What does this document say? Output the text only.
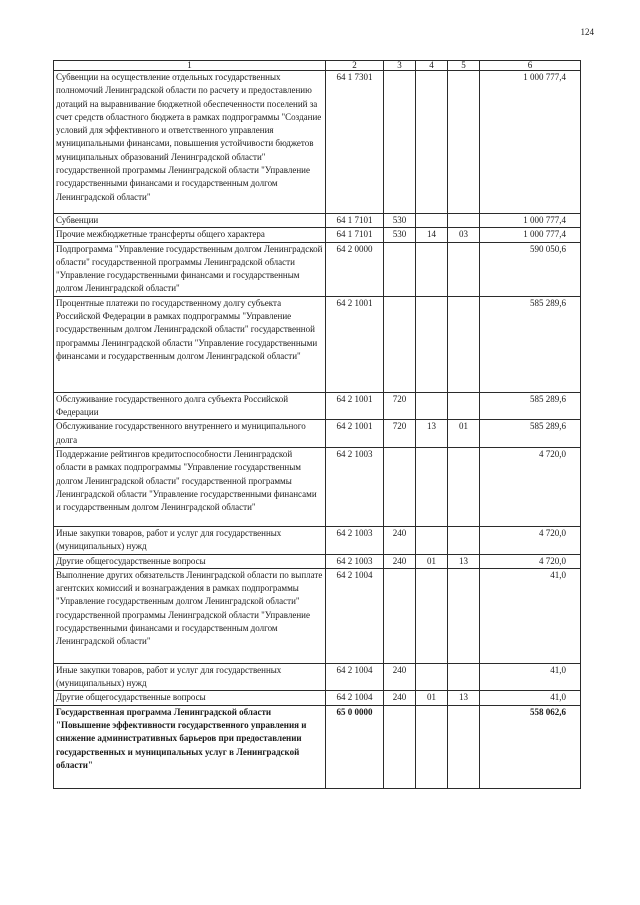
124
1	2	3	4	5	6
Субвенции на осуществление отдельных государственных полномочий Ленинградской области по расчету и предоставлению дотаций на выравнивание бюджетной обеспеченности поселений за счет средств областного бюджета в рамках подпрограммы "Создание условий для эффективного и ответственного управления муниципальными финансами, повышения устойчивости бюджетов муниципальных образований Ленинградской области" государственной программы Ленинградской области "Управление государственными финансами и государственным долгом Ленинградской области"	64 1 7301				1 000 777,4
Субвенции	64 1 7101	530			1 000 777,4
Прочие межбюджетные трансферты общего характера	64 1 7101	530	14	03	1 000 777,4
Подпрограмма "Управление государственным долгом Ленинградской области" государственной программы Ленинградской области "Управление государственными финансами и государственным долгом Ленинградской области"	64 2 0000				590 050,6
Процентные платежи по государственному долгу субъекта Российской Федерации в рамках подпрограммы "Управление государственным долгом Ленинградской области" государственной программы Ленинградской области "Управление государственными финансами и государственным долгом Ленинградской области"	64 2 1001				585 289,6
Обслуживание государственного долга субъекта Российской Федерации	64 2 1001	720			585 289,6
Обслуживание государственного внутреннего и муниципального долга	64 2 1001	720	13	01	585 289,6
Поддержание рейтингов кредитоспособности Ленинградской области в рамках подпрограммы "Управление государственным долгом Ленинградской области" государственной программы Ленинградской области "Управление государственными финансами и государственным долгом Ленинградской области"	64 2 1003				4 720,0
Иные закупки товаров, работ и услуг для государственных (муниципальных) нужд	64 2 1003	240			4 720,0
Другие общегосударственные вопросы	64 2 1003	240	01	13	4 720,0
Выполнение других обязательств Ленинградской области по выплате агентских комиссий и вознаграждения в рамках подпрограммы "Управление государственным долгом Ленинградской области" государственной программы Ленинградской области "Управление государственными финансами и государственным долгом Ленинградской области"	64 2 1004				41,0
Иные закупки товаров, работ и услуг для государственных (муниципальных) нужд	64 2 1004	240			41,0
Другие общегосударственные вопросы	64 2 1004	240	01	13	41,0
Государственная программа Ленинградской области "Повышение эффективности государственного управления и снижение административных барьеров при предоставлении государственных и муниципальных услуг в Ленинградской области"	65 0 0000				558 062,6
